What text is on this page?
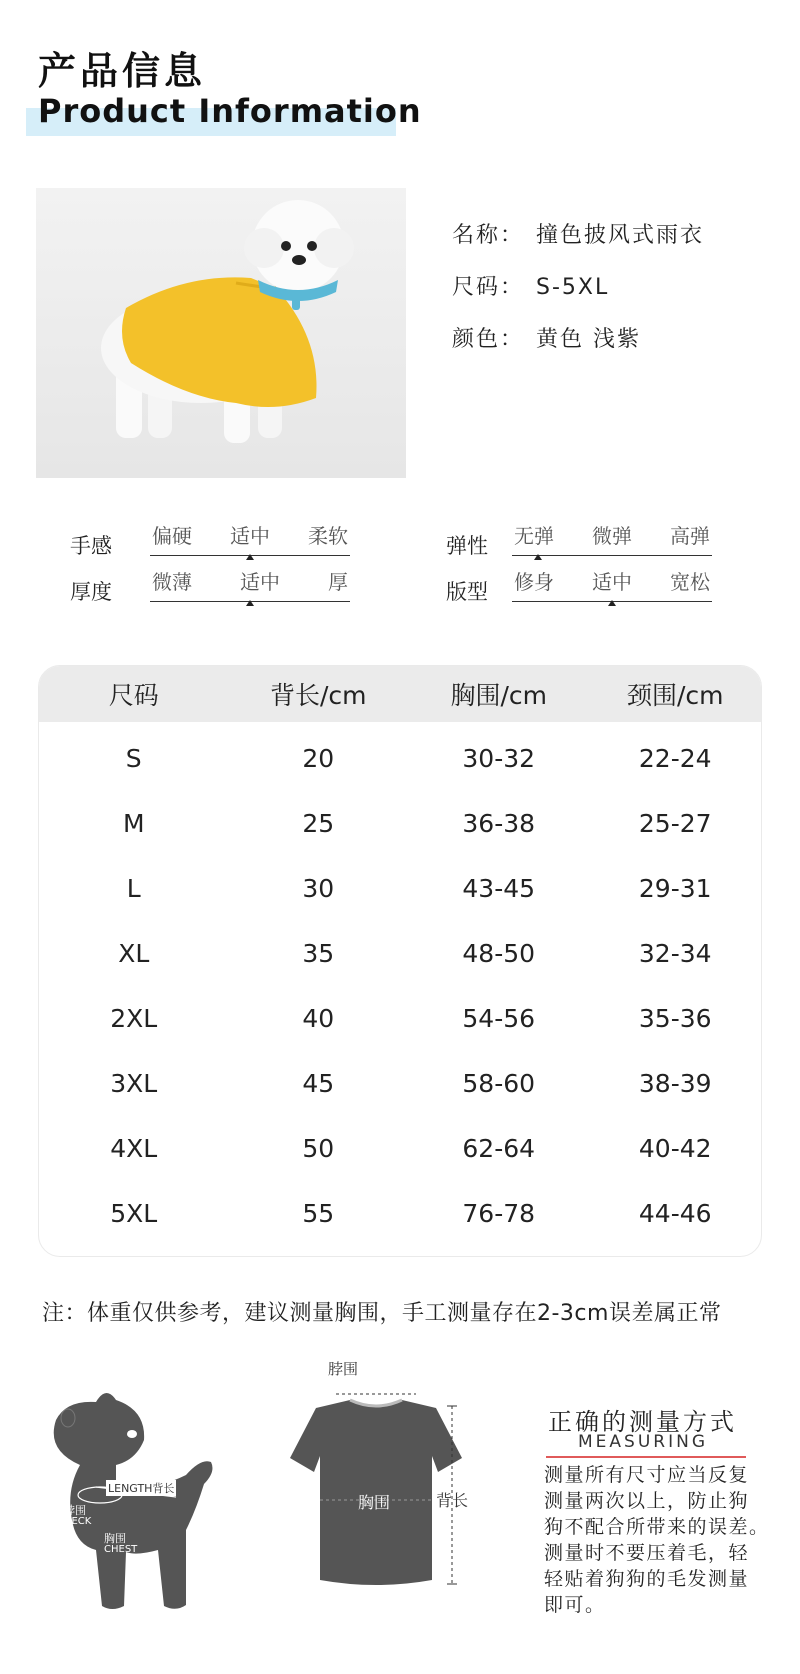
产品信息
Product Information
名称： 撞色披风式雨衣
尺码： S-5XL
颜色： 黄色 浅紫
手感 偏硬 适中 柔软
厚度 微薄 适中 厚
弹性 无弹 微弹 高弹
版型 修身 适中 宽松
尺码	背长/cm	胸围/cm	颈围/cm
S	20	30-32	22-24
M	25	36-38	25-27
L	30	43-45	29-31
XL	35	48-50	32-34
2XL	40	54-56	35-36
3XL	45	58-60	38-39
4XL	50	62-64	40-42
5XL	55	76-78	44-46
注：体重仅供参考，建议测量胸围，手工测量存在2-3cm误差属正常
LENGTH背长
脖围
NECK
胸围
CHEST
脖围
胸围	背长
正确的测量方式
MEASURING
测量所有尺寸应当反复
测量两次以上，防止狗
狗不配合所带来的误差。
测量时不要压着毛，轻
轻贴着狗狗的毛发测量
即可。
